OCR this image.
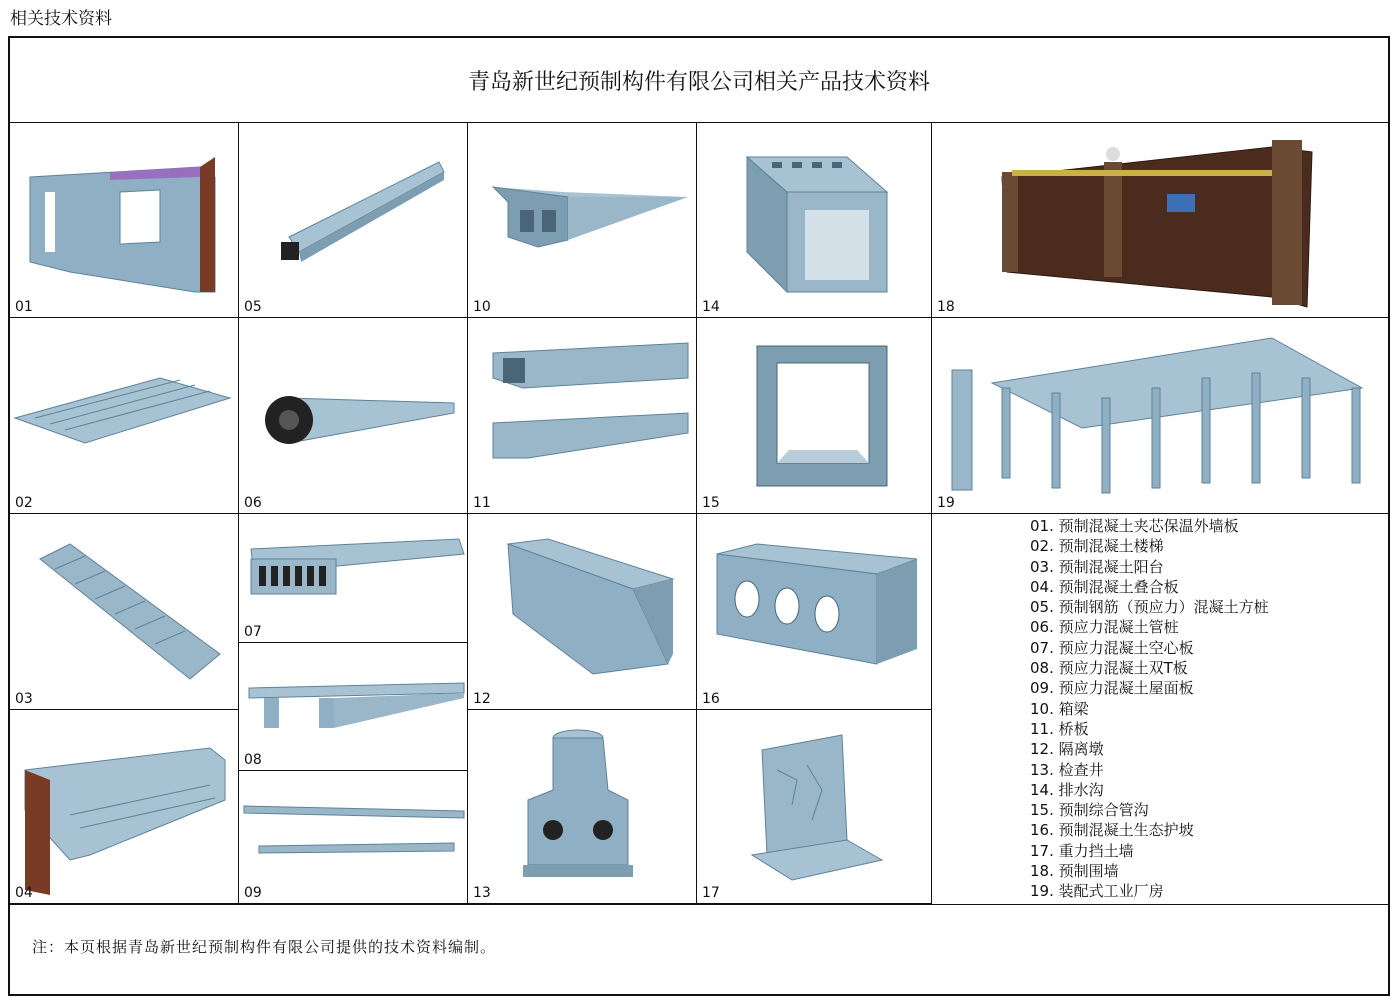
相关技术资料
青岛新世纪预制构件有限公司相关产品技术资料
01	05	10	14	18
02	06	11	15	19
03
04
07
08
09
12
13
16
17
01. 预制混凝土夹芯保温外墙板
02. 预制混凝土楼梯
03. 预制混凝土阳台
04. 预制混凝土叠合板
05. 预制钢筋（预应力）混凝土方桩
06. 预应力混凝土管桩
07. 预应力混凝土空心板
08. 预应力混凝土双T板
09. 预应力混凝土屋面板
10. 箱梁
11. 桥板
12. 隔离墩
13. 检查井
14. 排水沟
15. 预制综合管沟
16. 预制混凝土生态护坡
17. 重力挡土墙
18. 预制围墙
19. 装配式工业厂房
注：本页根据青岛新世纪预制构件有限公司提供的技术资料编制。
